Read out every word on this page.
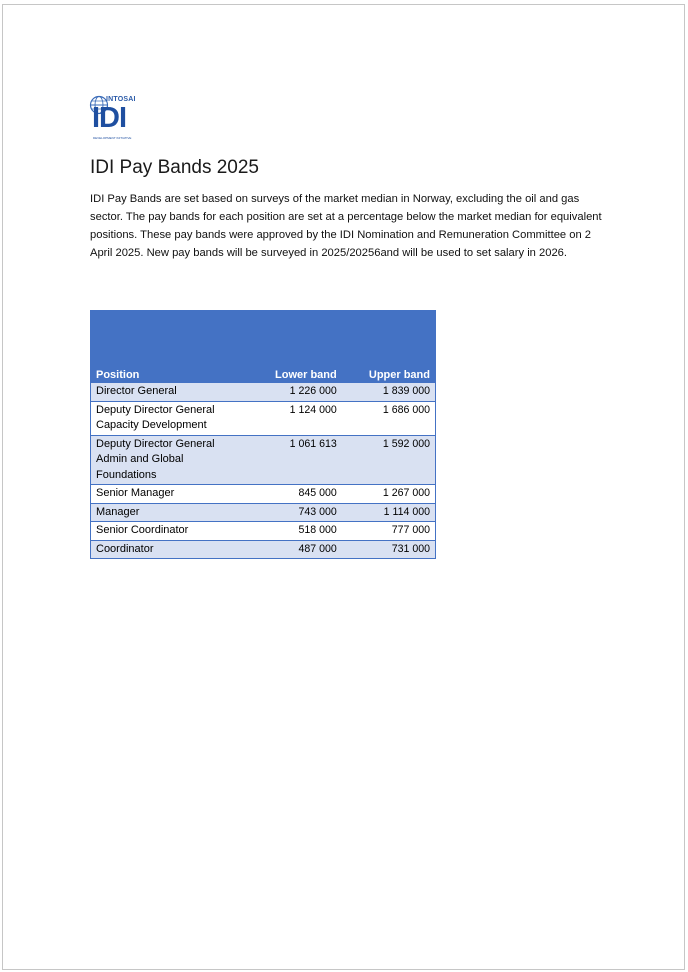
INTOSAI
IDI
DEVELOPMENT INITIATIVE
IDI Pay Bands 2025

IDI Pay Bands are set based on surveys of the market median in Norway, excluding the oil and gas sector. The pay bands for each position are set at a percentage below the market median for equivalent positions. These pay bands were approved by the IDI Nomination and Remuneration Committee on 2 April 2025. New pay bands will be surveyed in 2025/20256and will be used to set salary in 2026.

Position	Lower band	Upper band
Director General	1 226 000	1 839 000
Deputy Director General Capacity Development	1 124 000	1 686 000
Deputy Director General Admin and Global Foundations	1 061 613	1 592 000
Senior Manager	845 000	1 267 000
Manager	743 000	1 114 000
Senior Coordinator	518 000	777 000
Coordinator	487 000	731 000
